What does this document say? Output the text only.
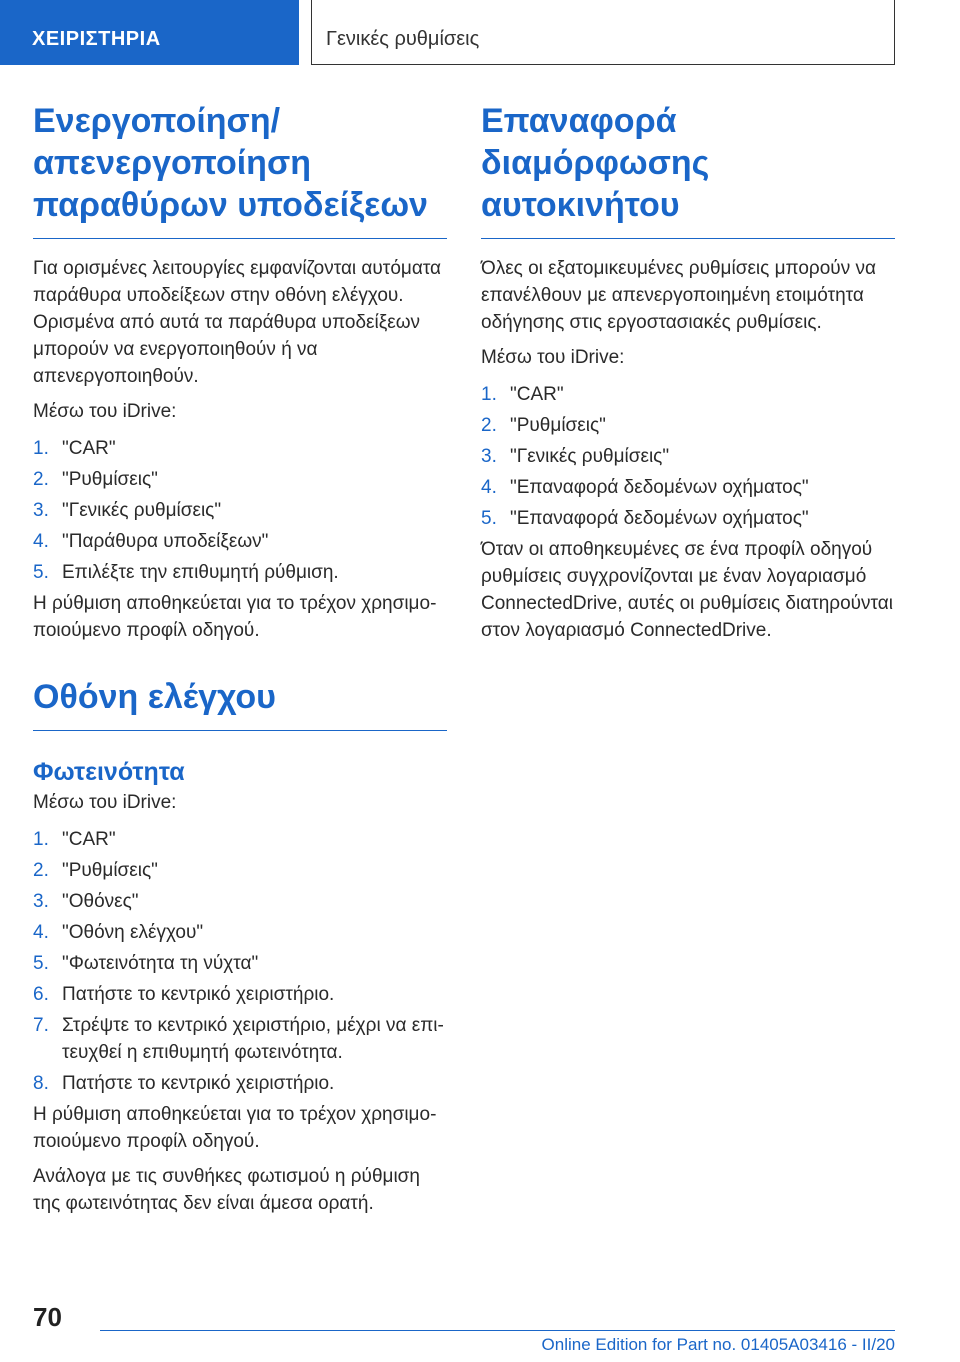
ΧΕΙΡΙΣΤΗΡΙΑ	Γενικές ρυθμίσεις
Ενεργοποίηση/ απενεργοποίηση παραθύρων υποδείξεων

Για ορισμένες λειτουργίες εμφανίζονται αυτόματα παράθυρα υποδείξεων στην οθόνη ελέγχου. Ορισμένα από αυτά τα παράθυρα υποδείξεων μπορούν να ενεργοποιηθούν ή να απενεργοποιηθούν.

Μέσω του iDrive:

1. "CAR"
2. "Ρυθμίσεις"
3. "Γενικές ρυθμίσεις"
4. "Παράθυρα υποδείξεων"
5. Επιλέξτε την επιθυμητή ρύθμιση.

Η ρύθμιση αποθηκεύεται για το τρέχον χρησιμοποιούμενο προφίλ οδηγού.

Οθόνη ελέγχου
Φωτεινότητα

Μέσω του iDrive:

1. "CAR"
2. "Ρυθμίσεις"
3. "Οθόνες"
4. "Οθόνη ελέγχου"
5. "Φωτεινότητα τη νύχτα"
6. Πατήστε το κεντρικό χειριστήριο.
7. Στρέψτε το κεντρικό χειριστήριο, μέχρι να επιτευχθεί η επιθυμητή φωτεινότητα.
8. Πατήστε το κεντρικό χειριστήριο.

Η ρύθμιση αποθηκεύεται για το τρέχον χρησιμοποιούμενο προφίλ οδηγού.

Ανάλογα με τις συνθήκες φωτισμού η ρύθμιση της φωτεινότητας δεν είναι άμεσα ορατή.

Επαναφορά διαμόρφωσης αυτοκινήτου

Όλες οι εξατομικευμένες ρυθμίσεις μπορούν να επανέλθουν με απενεργοποιημένη ετοιμότητα οδήγησης στις εργοστασιακές ρυθμίσεις.

Μέσω του iDrive:

1. "CAR"
2. "Ρυθμίσεις"
3. "Γενικές ρυθμίσεις"
4. "Επαναφορά δεδομένων οχήματος"
5. "Επαναφορά δεδομένων οχήματος"

Όταν οι αποθηκευμένες σε ένα προφίλ οδηγού ρυθμίσεις συγχρονίζονται με έναν λογαριασμό ConnectedDrive, αυτές οι ρυθμίσεις διατηρούνται στον λογαριασμό ConnectedDrive.

70
Online Edition for Part no. 01405A03416 - II/20
